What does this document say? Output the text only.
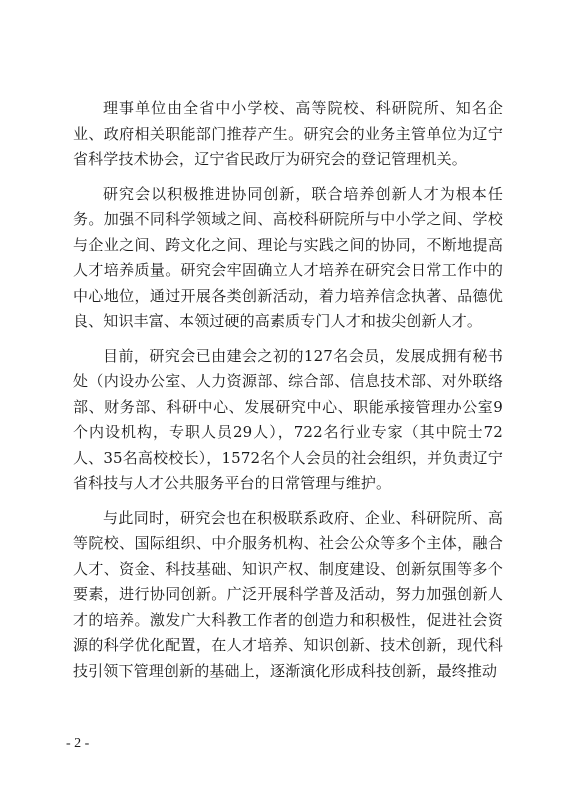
理事单位由全省中小学校、高等院校、科研院所、知名企业、政府相关职能部门推荐产生。研究会的业务主管单位为辽宁省科学技术协会，辽宁省民政厅为研究会的登记管理机关。

研究会以积极推进协同创新，联合培养创新人才为根本任务。加强不同科学领域之间、高校科研院所与中小学之间、学校与企业之间、跨文化之间、理论与实践之间的协同，不断地提高人才培养质量。研究会牢固确立人才培养在研究会日常工作中的中心地位，通过开展各类创新活动，着力培养信念执著、品德优良、知识丰富、本领过硬的高素质专门人才和拔尖创新人才。

目前，研究会已由建会之初的127名会员，发展成拥有秘书处（内设办公室、人力资源部、综合部、信息技术部、对外联络部、财务部、科研中心、发展研究中心、职能承接管理办公室9个内设机构，专职人员29人），722名行业专家（其中院士72人、35名高校校长），1572名个人会员的社会组织，并负责辽宁省科技与人才公共服务平台的日常管理与维护。

与此同时，研究会也在积极联系政府、企业、科研院所、高等院校、国际组织、中介服务机构、社会公众等多个主体，融合人才、资金、科技基础、知识产权、制度建设、创新氛围等多个要素，进行协同创新。广泛开展科学普及活动，努力加强创新人才的培养。激发广大科教工作者的创造力和积极性，促进社会资源的科学优化配置，在人才培养、知识创新、技术创新，现代科技引领下管理创新的基础上，逐渐演化形成科技创新，最终推动

- 2 -
